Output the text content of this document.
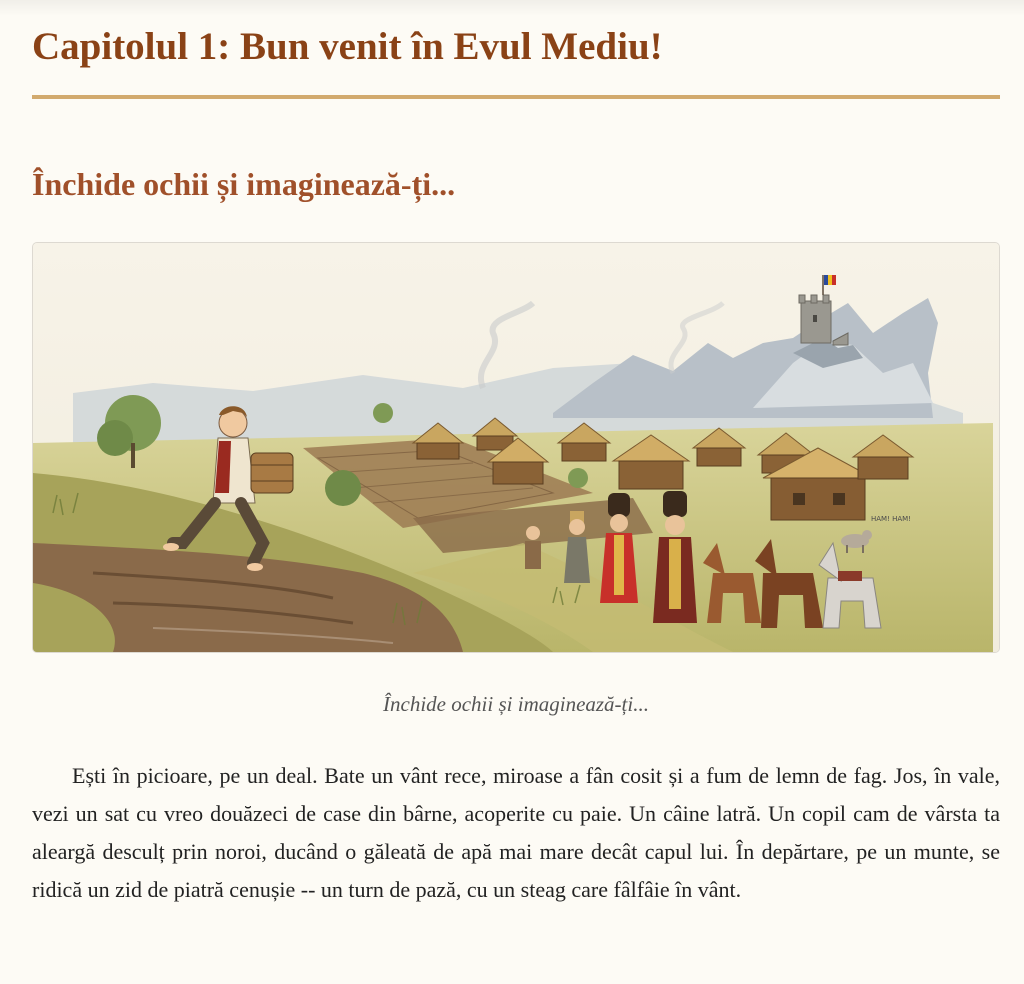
Capitolul 1: Bun venit în Evul Mediu!
Închide ochii și imaginează-ți...
HAM! HAM!
Închide ochii și imaginează-ți...

Ești în picioare, pe un deal. Bate un vânt rece, miroase a fân cosit și a fum de lemn de fag. Jos, în vale, vezi un sat cu vreo douăzeci de case din bârne, acoperite cu paie. Un câine latră. Un copil cam de vârsta ta aleargă desculț prin noroi, ducând o găleată de apă mai mare decât capul lui. În depărtare, pe un munte, se ridică un zid de piatră cenușie -- un turn de pază, cu un steag care fâlfâie în vânt.
